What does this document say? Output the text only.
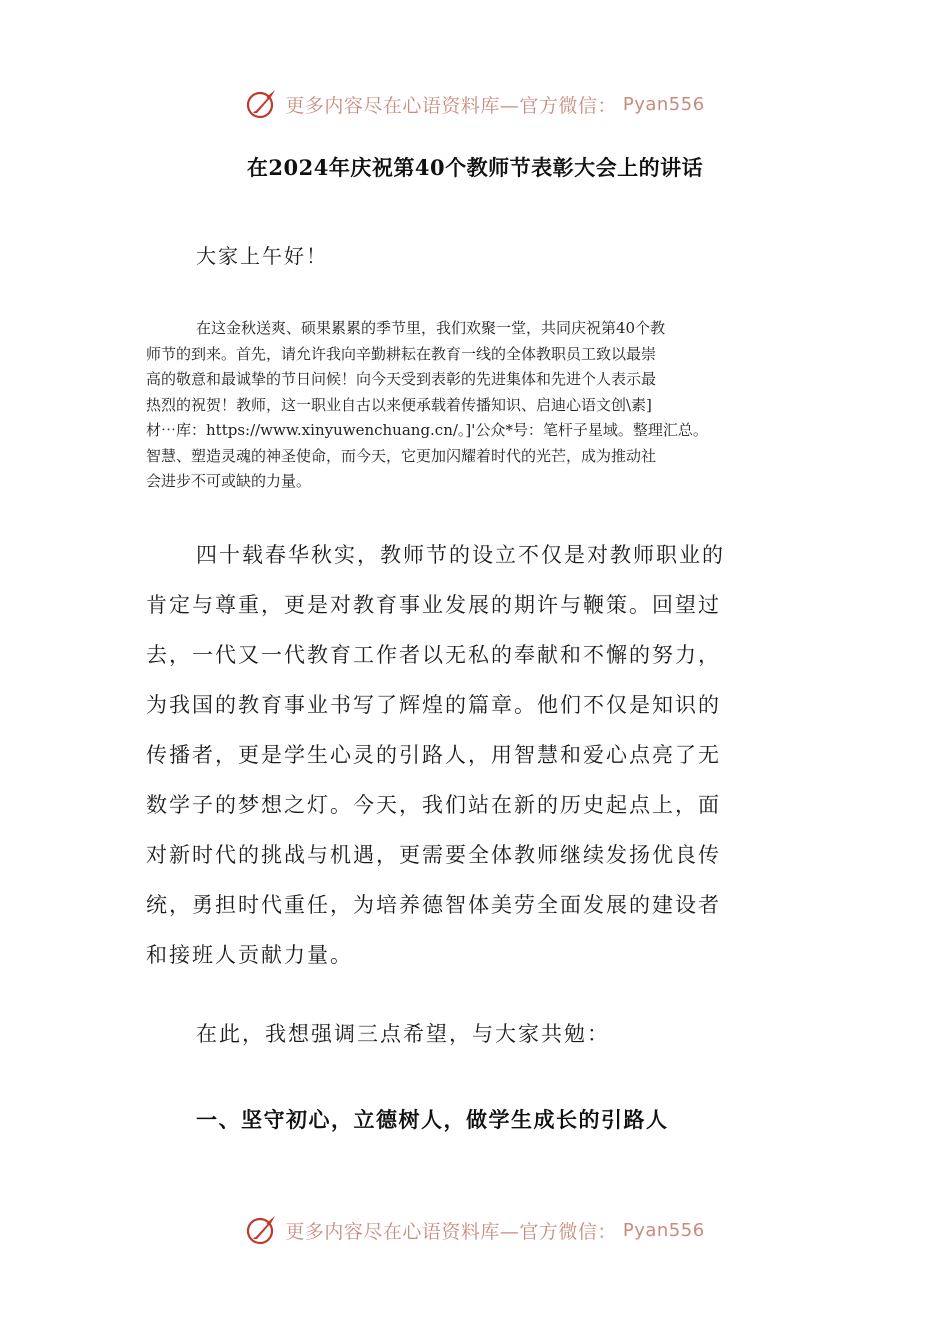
更多内容尽在心语资料库—官方微信： Pyan556
在2024年庆祝第40个教师节表彰大会上的讲话
大家上午好！
在这金秋送爽、硕果累累的季节里，我们欢聚一堂，共同庆祝第40个教
师节的到来。首先，请允许我向辛勤耕耘在教育一线的全体教职员工致以最崇
高的敬意和最诚挚的节日问候！向今天受到表彰的先进集体和先进个人表示最
热烈的祝贺！教师，这一职业自古以来便承载着传播知识、启迪心语文创\素]
材⋯库：https://www.xinyuwenchuang.cn/。]'公众*号：笔杆子星域。整理汇总。
智慧、塑造灵魂的神圣使命，而今天，它更加闪耀着时代的光芒，成为推动社
会进步不可或缺的力量。
四十载春华秋实，教师节的设立不仅是对教师职业的
肯定与尊重，更是对教育事业发展的期许与鞭策。回望过
去，一代又一代教育工作者以无私的奉献和不懈的努力，
为我国的教育事业书写了辉煌的篇章。他们不仅是知识的
传播者，更是学生心灵的引路人，用智慧和爱心点亮了无
数学子的梦想之灯。今天，我们站在新的历史起点上，面
对新时代的挑战与机遇，更需要全体教师继续发扬优良传
统，勇担时代重任，为培养德智体美劳全面发展的建设者
和接班人贡献力量。
在此，我想强调三点希望，与大家共勉：
一、坚守初心，立德树人，做学生成长的引路人
更多内容尽在心语资料库—官方微信： Pyan556
